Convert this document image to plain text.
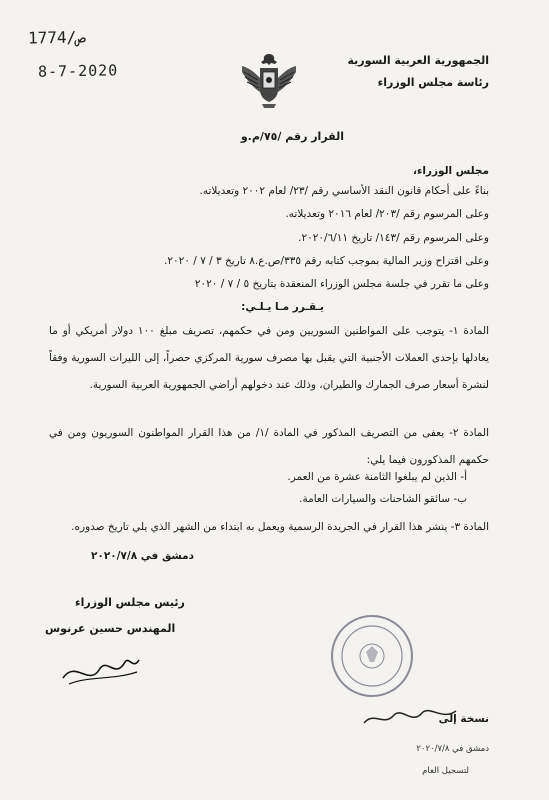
1774/ص
8-7-2020
الجمهورية العربية السورية
رئاسة مجلس الوزراء
القرار رقم /٧٥/م.و
مجلس الوزراء،
بناءً على أحكام قانون النقد الأساسي رقم /٢٣/ لعام ٢٠٠٢ وتعديلاته.
وعلى المرسوم رقم /٢٠٣/ لعام ٢٠١٦ وتعديلاته.
وعلى المرسوم رقم /١٤٣/ تاريخ ٢٠٢٠/٦/١١.
وعلى اقتراح وزير المالية بموجب كتابه رقم ٣٣٥/ص.ع.٨ تاريخ ٣ / ٧ / ٢٠٢٠.
وعلى ما تقرر في جلسة مجلس الوزراء المنعقدة بتاريخ ٥ / ٧ / ٢٠٢٠
يـقـرر مـا يـلـي:
المادة ١- يتوجب على المواطنين السوريين ومن في حكمهم، تصريف مبلغ ١٠٠ دولار أمريكي أو ما يعادلها بإحدى العملات الأجنبية التي يقبل بها مصرف سورية المركزي حصراً، إلى الليرات السورية وفقاً لنشرة أسعار صرف الجمارك والطيران، وذلك عند دخولهم أراضي الجمهورية العربية السورية.
المادة ٢- يعفى من التصريف المذكور في المادة /١/ من هذا القرار المواطنون السوريون ومن في حكمهم المذكورون فيما يلي:
أ- الذين لم يبلغوا الثامنة عشرة من العمر.
ب- سائقو الشاحنات والسيارات العامة.
المادة ٣- ينشر هذا القرار في الجريدة الرسمية ويعمل به ابتداء من الشهر الذي يلي تاريخ صدوره.
دمشق في ٢٠٢٠/٧/٨
رئيس مجلس الوزراء
المهندس حسين عرنوس
نسخة إلى
دمشق في ٢٠٢٠/٧/٨
لتسجيل العام
